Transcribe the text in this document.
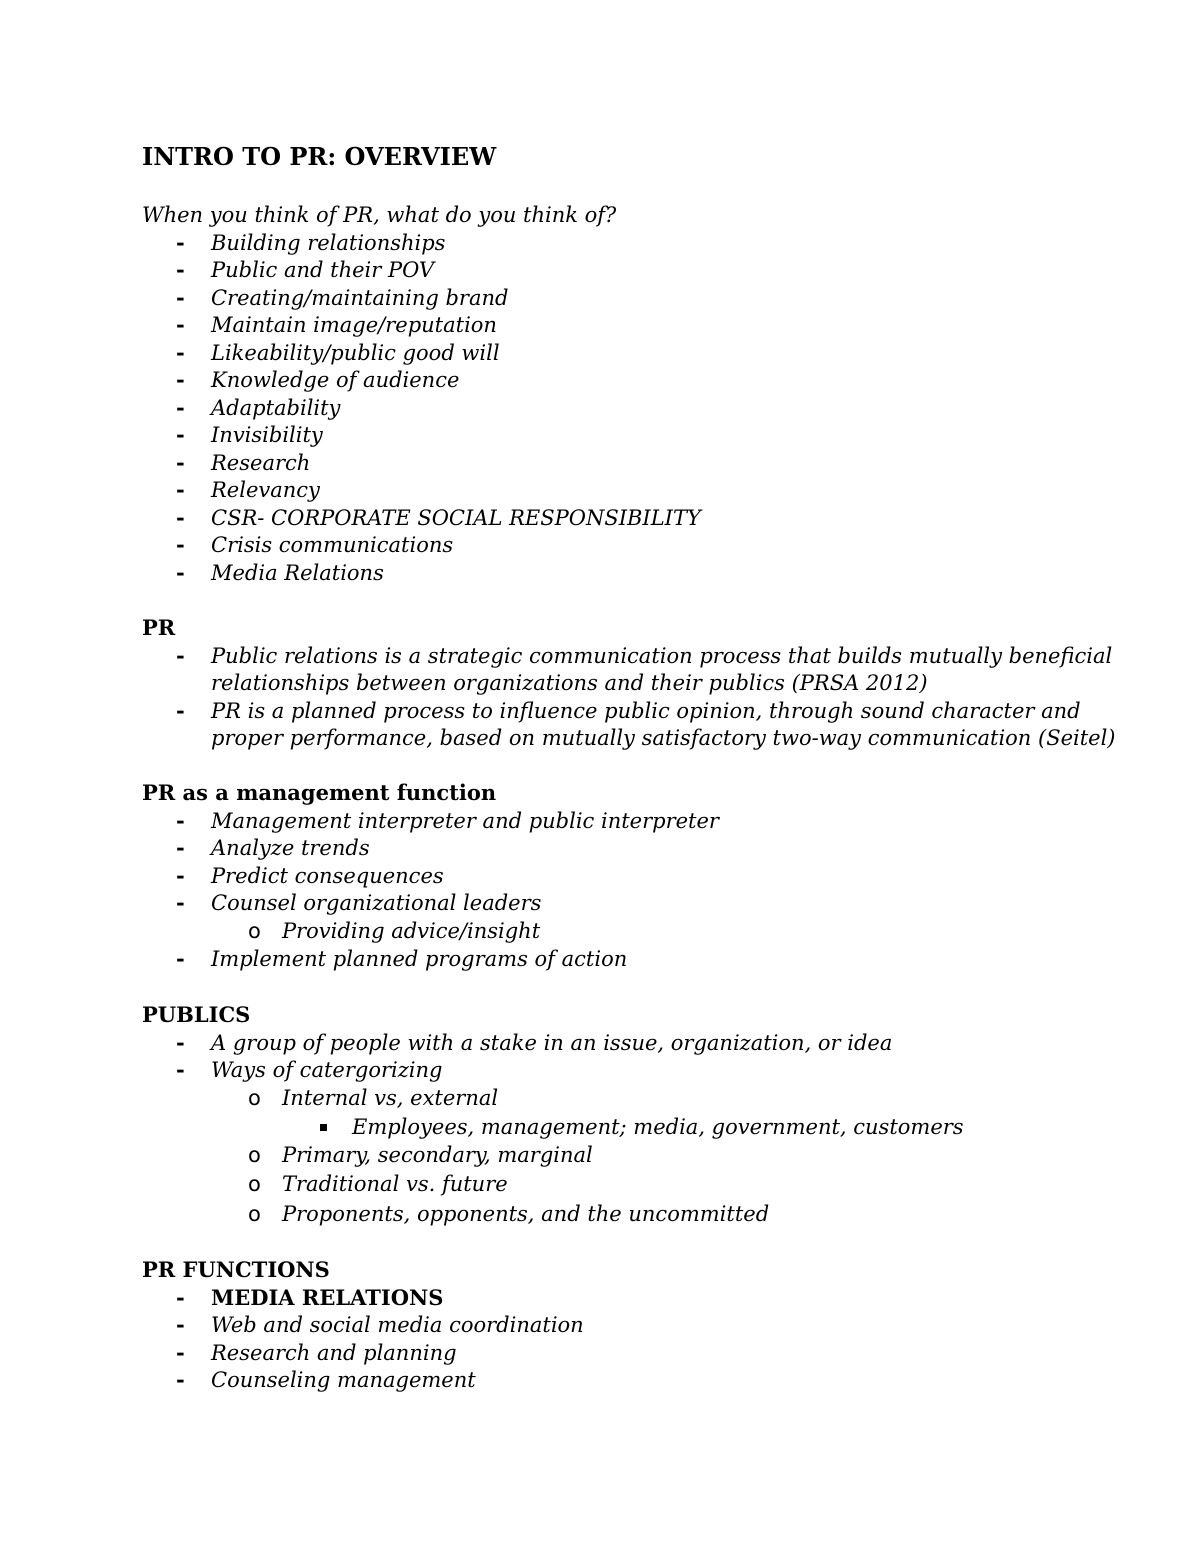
INTRO TO PR: OVERVIEW
When you think of PR, what do you think of?
- Building relationships
- Public and their POV
- Creating/maintaining brand
- Maintain image/reputation
- Likeability/public good will
- Knowledge of audience
- Adaptability
- Invisibility
- Research
- Relevancy
- CSR- CORPORATE SOCIAL RESPONSIBILITY
- Crisis communications
- Media Relations
PR
- Public relations is a strategic communication process that builds mutually beneficial
relationships between organizations and their publics (PRSA 2012)
- PR is a planned process to influence public opinion, through sound character and
proper performance, based on mutually satisfactory two-way communication (Seitel)
PR as a management function
- Management interpreter and public interpreter
- Analyze trends
- Predict consequences
- Counsel organizational leaders
o Providing advice/insight
- Implement planned programs of action
PUBLICS
- A group of people with a stake in an issue, organization, or idea
- Ways of catergorizing
o Internal vs, external
Employees, management; media, government, customers
o Primary, secondary, marginal
o Traditional vs. future
o Proponents, opponents, and the uncommitted
PR FUNCTIONS
- MEDIA RELATIONS
- Web and social media coordination
- Research and planning
- Counseling management
